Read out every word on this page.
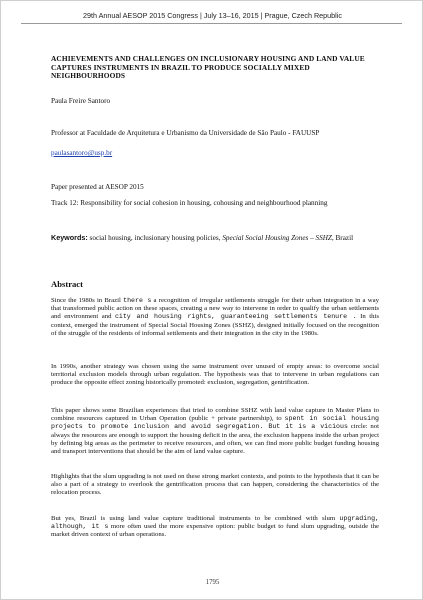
29th Annual AESOP 2015 Congress | July 13–16, 2015 | Prague, Czech Republic
ACHIEVEMENTS AND CHALLENGES ON INCLUSIONARY HOUSING AND LAND VALUE CAPTURES INSTRUMENTS IN BRAZIL TO PRODUCE SOCIALLY MIXED NEIGHBOURHOODS
Paula Freire Santoro
Professor at Faculdade de Arquitetura e Urbanismo da Universidade de São Paulo - FAUUSP
paulasantoro@usp.br
Paper presented at AESOP 2015
Track 12: Responsibility for social cohesion in housing, cohousing and neighbourhood planning
Keywords: social housing, inclusionary housing policies, Special Social Housing Zones – SSHZ, Brazil
Abstract
Since the 1980s in Brazil there s a recognition of irregular settlements struggle for their urban integration in a way that transformed public action on these spaces, creating a new way to intervene in order to qualify the urban settlements and environment and city and housing rights, guaranteeing settlements tenure . In this context, emerged the instrument of Special Social Housing Zones (SSHZ), designed initially focused on the recognition of the struggle of the residents of informal settlements and their integration in the city in the 1980s.
In 1990s, another strategy was chosen using the same instrument over unused of empty areas: to overcome social territorial exclusion models through urban regulation. The hypothesis was that to intervene in urban regulations can produce the opposite effect zoning historically promoted: exclusion, segregation, gentrification.
This paper shows some Brazilian experiences that tried to combine SSHZ with land value capture in Master Plans to combine resources captured in Urban Operation (public + private partnership), to spent in social housing projects to promote inclusion and avoid segregation. But it is a vicious circle: not always the resources are enough to support the housing deficit in the area, the exclusion happens inside the urban project by defining big areas as the perimeter to receive resources, and often, we can find more public budget funding housing and transport interventions that should be the aim of land value capture.
Highlights that the slum upgrading is not used on these strong market contexts, and points to the hypothesis that it can be also a part of a strategy to overlook the gentrification process that can happen, considering the characteristics of the relocation process.
But yes, Brazil is using land value capture traditional instruments to be combined with slum upgrading, although, it s more often used the more expensive option: public budget to fund slum upgrading, outside the market driven context of urban operations.
1795
